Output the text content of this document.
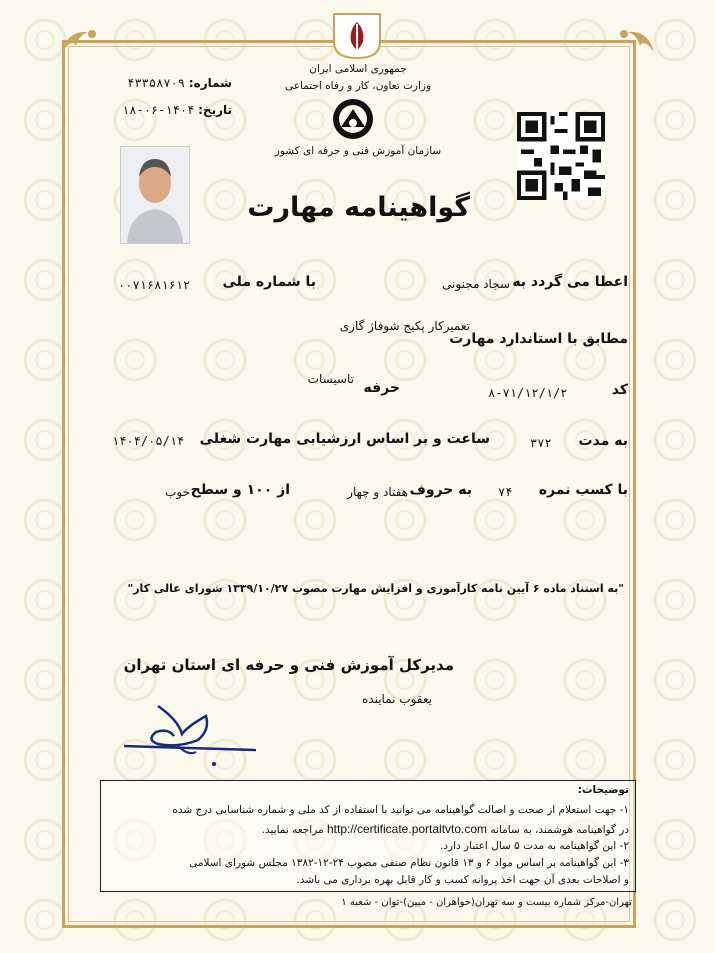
جمهوری اسلامی ایران
وزارت تعاون، کار و رفاه اجتماعی
سازمان آموزش فنی و حرفه ای کشور
شماره: ۴۳۳۵۸۷۰۹
تاریخ: ۱۴۰۴-۰۶-۱۸
گواهینامه مهارت
اعطا می گردد به
سجاد مجنونی
با شماره ملی
۰۰۷۱۶۸۱۶۱۲
مطابق با استاندارد مهارت
تعمیرکار پکیج شوفاژ گازی
کد
۸-۷۱/۱۲/۱/۲
حرفه
تاسیسات
به مدت
۳۷۲
ساعت و بر اساس ارزشیابی مهارت شغلی
۱۴۰۴/۰۵/۱۴
با کسب نمره
۷۴
به حروف
هفتاد و چهار
از ۱۰۰ و سطح
خوب
"به استناد ماده ۶ آیین نامه کارآموزی و افزایش مهارت مصوب ۱۳۳۹/۱۰/۲۷ شورای عالی کار"
مدیرکل آموزش فنی و حرفه ای استان تهران
یعقوب نماینده
توضیحات:
۱- جهت استعلام از صحت و اصالت گواهینامه می توانید با استفاده از کد ملی و شماره شناسایی درج شده
در گواهینامه هوشمند، به سامانه http://certificate.portaltvto.com مراجعه نمایید.
۲- این گواهینامه به مدت ۵ سال اعتبار دارد.
۳- این گواهینامه بر اساس مواد ۶ و ۱۳ قانون نظام صنفی مصوب ۲۴-۱۲-۱۳۸۲ مجلس شورای اسلامی
و اصلاحات بعدی آن جهت اخذ پروانه کسب و کار قابل بهره برداری می باشد.
تهران-مرکز شماره بیست و سه تهران(خواهران - مبین)-توان - شعبه ۱
